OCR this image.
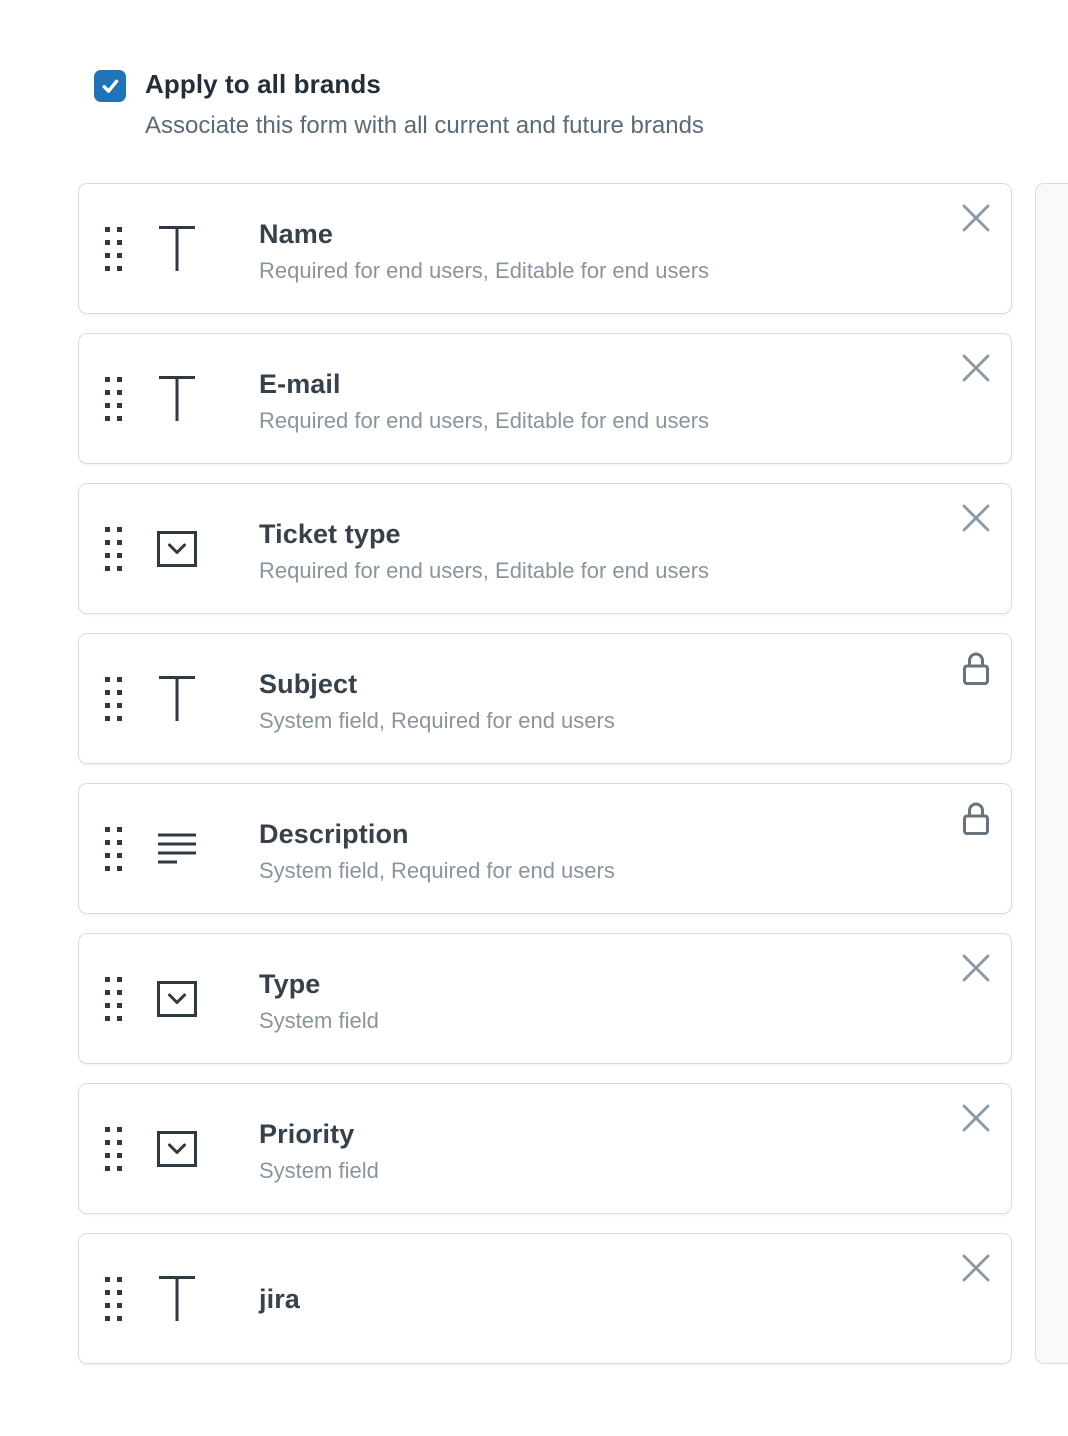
Apply to all brands
Associate this form with all current and future brands
Name
Required for end users, Editable for end users
E-mail
Required for end users, Editable for end users
Ticket type
Required for end users, Editable for end users
Subject
System field, Required for end users
Description
System field, Required for end users
Type
System field
Priority
System field
jira
